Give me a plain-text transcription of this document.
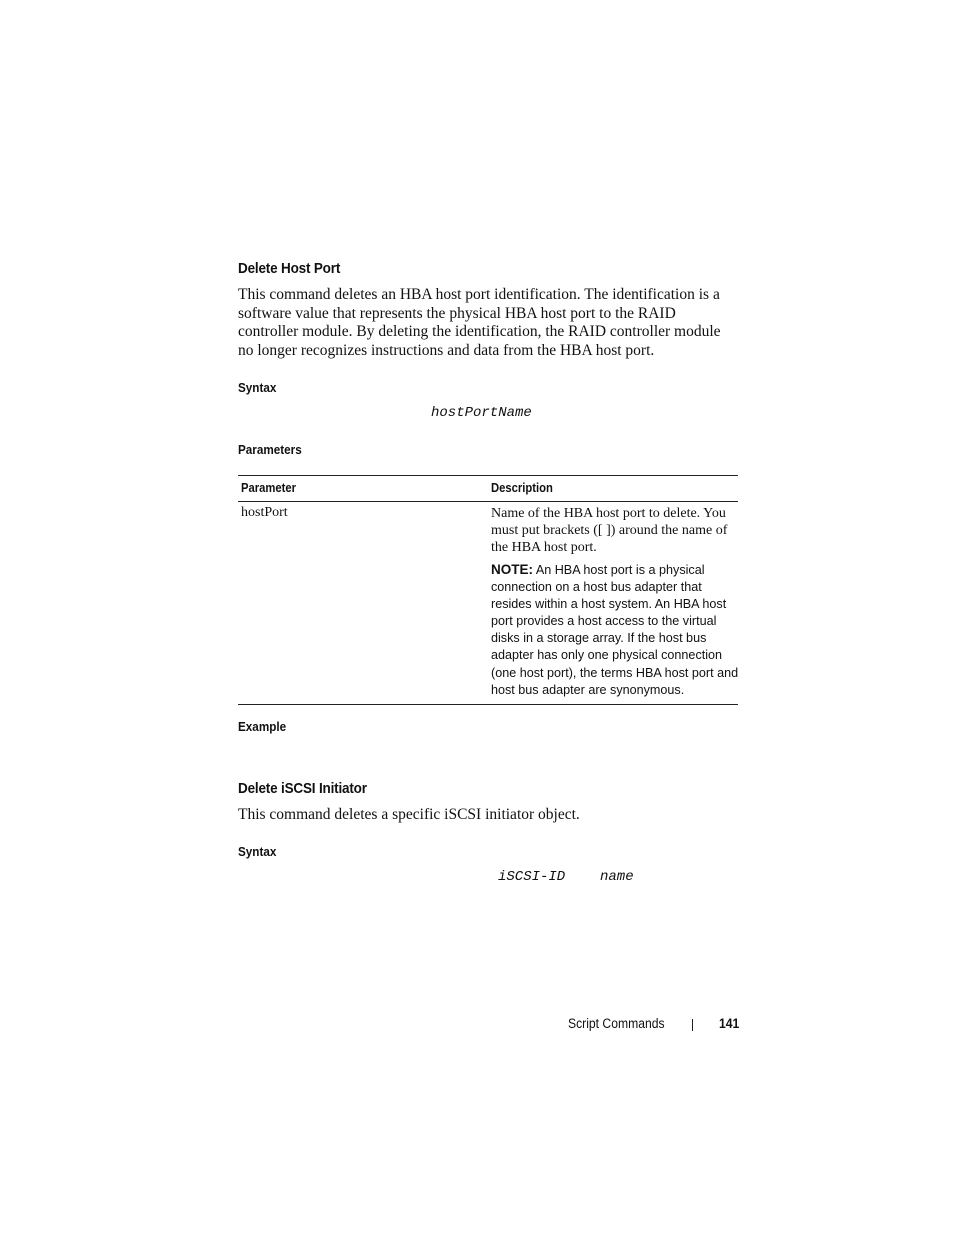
Delete Host Port

This command deletes an HBA host port identification. The identification is a software value that represents the physical HBA host port to the RAID controller module. By deleting the identification, the RAID controller module no longer recognizes instructions and data from the HBA host port.

Syntax
hostPortName
Parameters
Parameter	Description
hostPort	Name of the HBA host port to delete. You must put brackets ([ ]) around the name of the HBA host port.
NOTE: An HBA host port is a physical connection on a host bus adapter that resides within a host system. An HBA host port provides a host access to the virtual disks in a storage array. If the host bus adapter has only one physical connection (one host port), the terms HBA host port and host bus adapter are synonymous.
Example
Delete iSCSI Initiator

This command deletes a specific iSCSI initiator object.

Syntax
iSCSI-ID name
Script Commands	141
